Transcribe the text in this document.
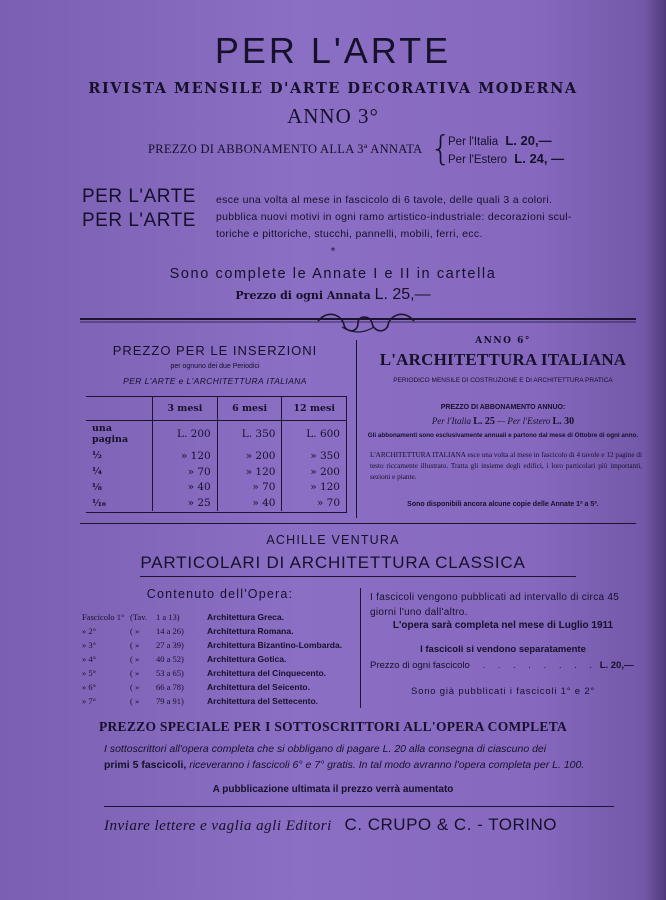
PER L'ARTE
RIVISTA MENSILE D'ARTE DECORATIVA MODERNA
ANNO 3°
PREZZO DI ABBONAMENTO ALLA 3ª ANNATA {
Per l'Italia L. 20,—
Per l'Estero L. 24, —
PER L'ARTE esce una volta al mese in fascicolo di 6 tavole, delle quali 3 a colori.
PER L'ARTE pubblica nuovi motivi in ogni ramo artistico-industriale: decorazioni scul-
toriche e pittoriche, stucchi, pannelli, mobili, ferri, ecc.
*
Sono complete le Annate I e II in cartella
Prezzo di ogni Annata L. 25,—
PREZZO PER LE INSERZIONI
per ognuno dei due Periodici
PER L'ARTE e L'ARCHITETTURA ITALIANA
	3 mesi	6 mesi	12 mesi
una pagina	L. 200	L. 350	L. 600
½	» 120	» 200	» 350
¼	» 70	» 120	» 200
⅛	» 40	» 70	» 120
¹⁄₁₆	» 25	» 40	» 70
ANNO 6°
L'ARCHITETTURA ITALIANA
PERIODICO MENSILE DI COSTRUZIONE E DI ARCHITETTURA PRATICA
PREZZO DI ABBONAMENTO ANNUO:
Per l'Italia L. 25 — Per l'Estero L. 30
Gli abbonamenti sono esclusivamente annuali e partono dal mese di Ottobre di ogni anno.
L'ARCHITETTURA ITALIANA esce una volta al mese in fascicolo di 4 tavole e 12 pagine di testo riccamente illustrato. Tratta gli insieme degli edifici, i loro particolari più importanti, sezioni e piante.
Sono disponibili ancora alcune copie delle Annate 1ª a 5ª.
ACHILLE VENTURA
PARTICOLARI DI ARCHITETTURA CLASSICA
Contenuto dell'Opera:
Fascicolo 1° (Tav. 1 a 13)	Architettura Greca.
» 2°	( »	14 a 26)	Architettura Romana.
» 3°	( »	27 a 39)	Architettura Bizantino-Lombarda.
» 4°	( »	40 a 52)	Architettura Gotica.
» 5°	( »	53 a 65)	Architettura del Cinquecento.
» 6°	( »	66 a 78)	Architettura del Seicento.
» 7°	( »	79 a 91)	Architettura del Settecento.
I fascicoli vengono pubblicati ad intervallo di circa 45 giorni l'uno dall'altro.
L'opera sarà completa nel mese di Luglio 1911
I fascicoli si vendono separatamente
Prezzo di ogni fascicolo . . . . . . . . L. 20,—
Sono già pubblicati i fascicoli 1° e 2°
PREZZO SPECIALE PER I SOTTOSCRITTORI ALL'OPERA COMPLETA
I sottoscrittori all'opera completa che si obbligano di pagare L. 20 alla consegna di ciascuno dei
primi 5 fascicoli, riceveranno i fascicoli 6° e 7° gratis. In tal modo avranno l'opera completa per L. 100.
A pubblicazione ultimata il prezzo verrà aumentato
Inviare lettere e vaglia agli Editori C. CRUPO & C. - TORINO
